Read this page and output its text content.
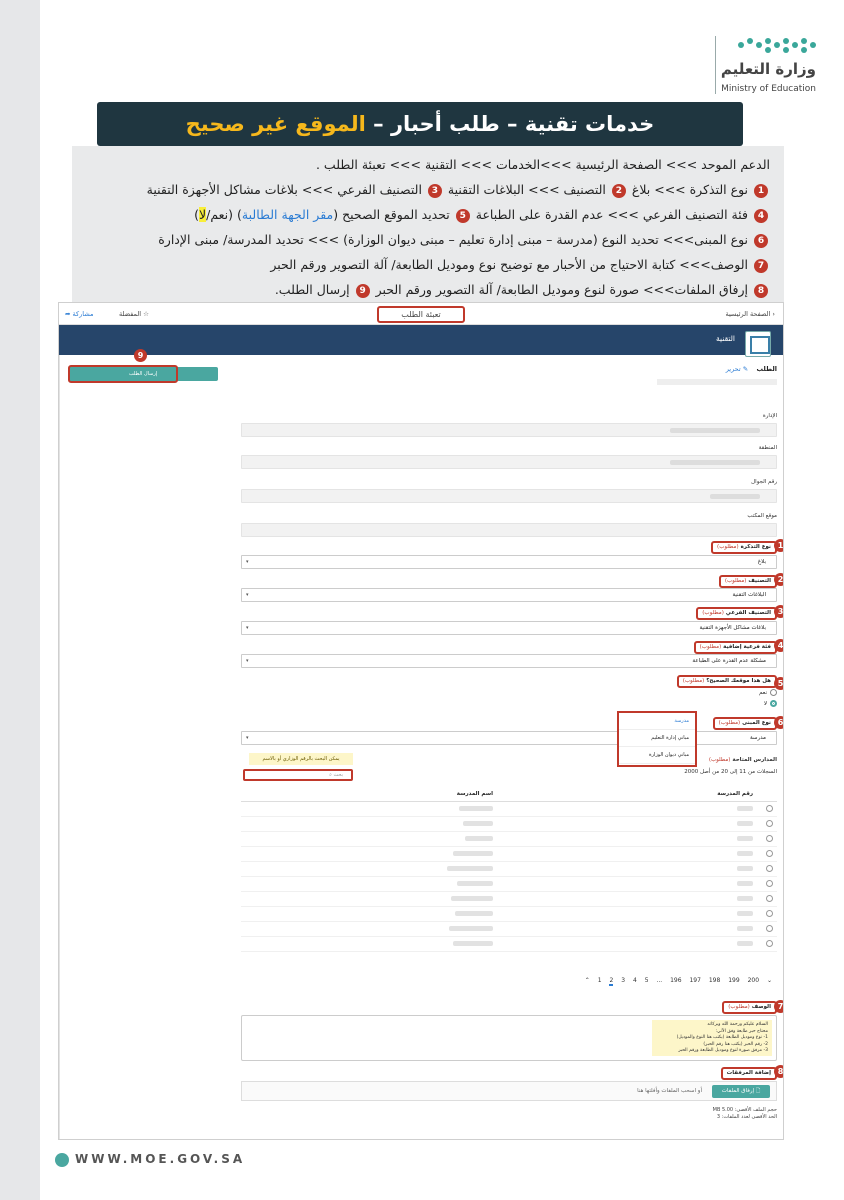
وزارة التعليم
Ministry of Education
خدمات تقنية – طلب أحبار – الموقع غير صحيح
الدعم الموحد >>> الصفحة الرئيسية >>>الخدمات >>> التقنية >>> تعبئة الطلب .
1 نوع التذكرة >>> بلاغ 2 التصنيف >>> البلاغات التقنية 3 التصنيف الفرعي >>> بلاغات مشاكل الأجهزة التقنية
4 فئة التصنيف الفرعي >>> عدم القدرة على الطباعة 5 تحديد الموقع الصحيح (مقر الجهة الطالبة) (نعم/لا)
6 نوع المبنى>>> تحديد النوع (مدرسة – مبنى إدارة تعليم – مبنى ديوان الوزارة) >>> تحديد المدرسة/ مبنى الإدارة
7 الوصف>>> كتابة الاحتياج من الأحبار مع توضيح نوع وموديل الطابعة/ آلة التصوير ورقم الحبر
8 إرفاق الملفات>>> صورة لنوع وموديل الطابعة/ آلة التصوير ورقم الحبر 9 إرسال الطلب.
‹ الصفحة الرئيسية
☆ المفضلة
مشاركة ➦	تعبئة الطلب
التقنية
9
إرسال الطلب
الطلب ✎ تحرير
الإدارة
المنطقة
رقم الجوال
موقع المكتب
نوع التذكرة (مطلوب)	1
بلاغ
▾
التصنيف (مطلوب)	2
البلاغات التقنية
▾
التصنيف الفرعي (مطلوب)	3
بلاغات مشاكل الأجهزة التقنية
▾
فئة فرعية إضافية (مطلوب)	4
مشكلة عدم القدرة على الطباعة
▾
هل هذا موقعك الصحيح؟ (مطلوب)	5
نعم
لا
نوع المبنى (مطلوب)	6
مدرسة
▾
مدرسة
مباني إدارة التعليم
مباني ديوان الوزارة
المدارس المتاحة (مطلوب)
يمكن البحث بالرقم الوزاري أو بالاسم
السجلات من 11 إلى 20 من أصل 2000
بحث ⌕
	رقم المدرسة	اسم المدرسة

⌃ 1 2 3 4 5 ... 196 197 198 199 200 ⌄
الوصف (مطلوب)	7
السلام عليكم ورحمة الله وبركاته
محتاج حبر طابعة وفق الآتي:
1- نوع وموديل الطابعة (يكتب هنا النوع والموديل)
2- رقم الحبر (يكتب هنا رقم الحبر)
3- مرفق صورة لنوع وموديل الطابعة ورقم الحبر
إضافة المرفقات 8
🗋 إرفاق الملفات
أو اسحب الملفات وأفلتها هنا
حجم الملف الأقصى: 5.00 MB
الحد الأقصى لعدد الملفات: 3
WWW.MOE.GOV.SA
